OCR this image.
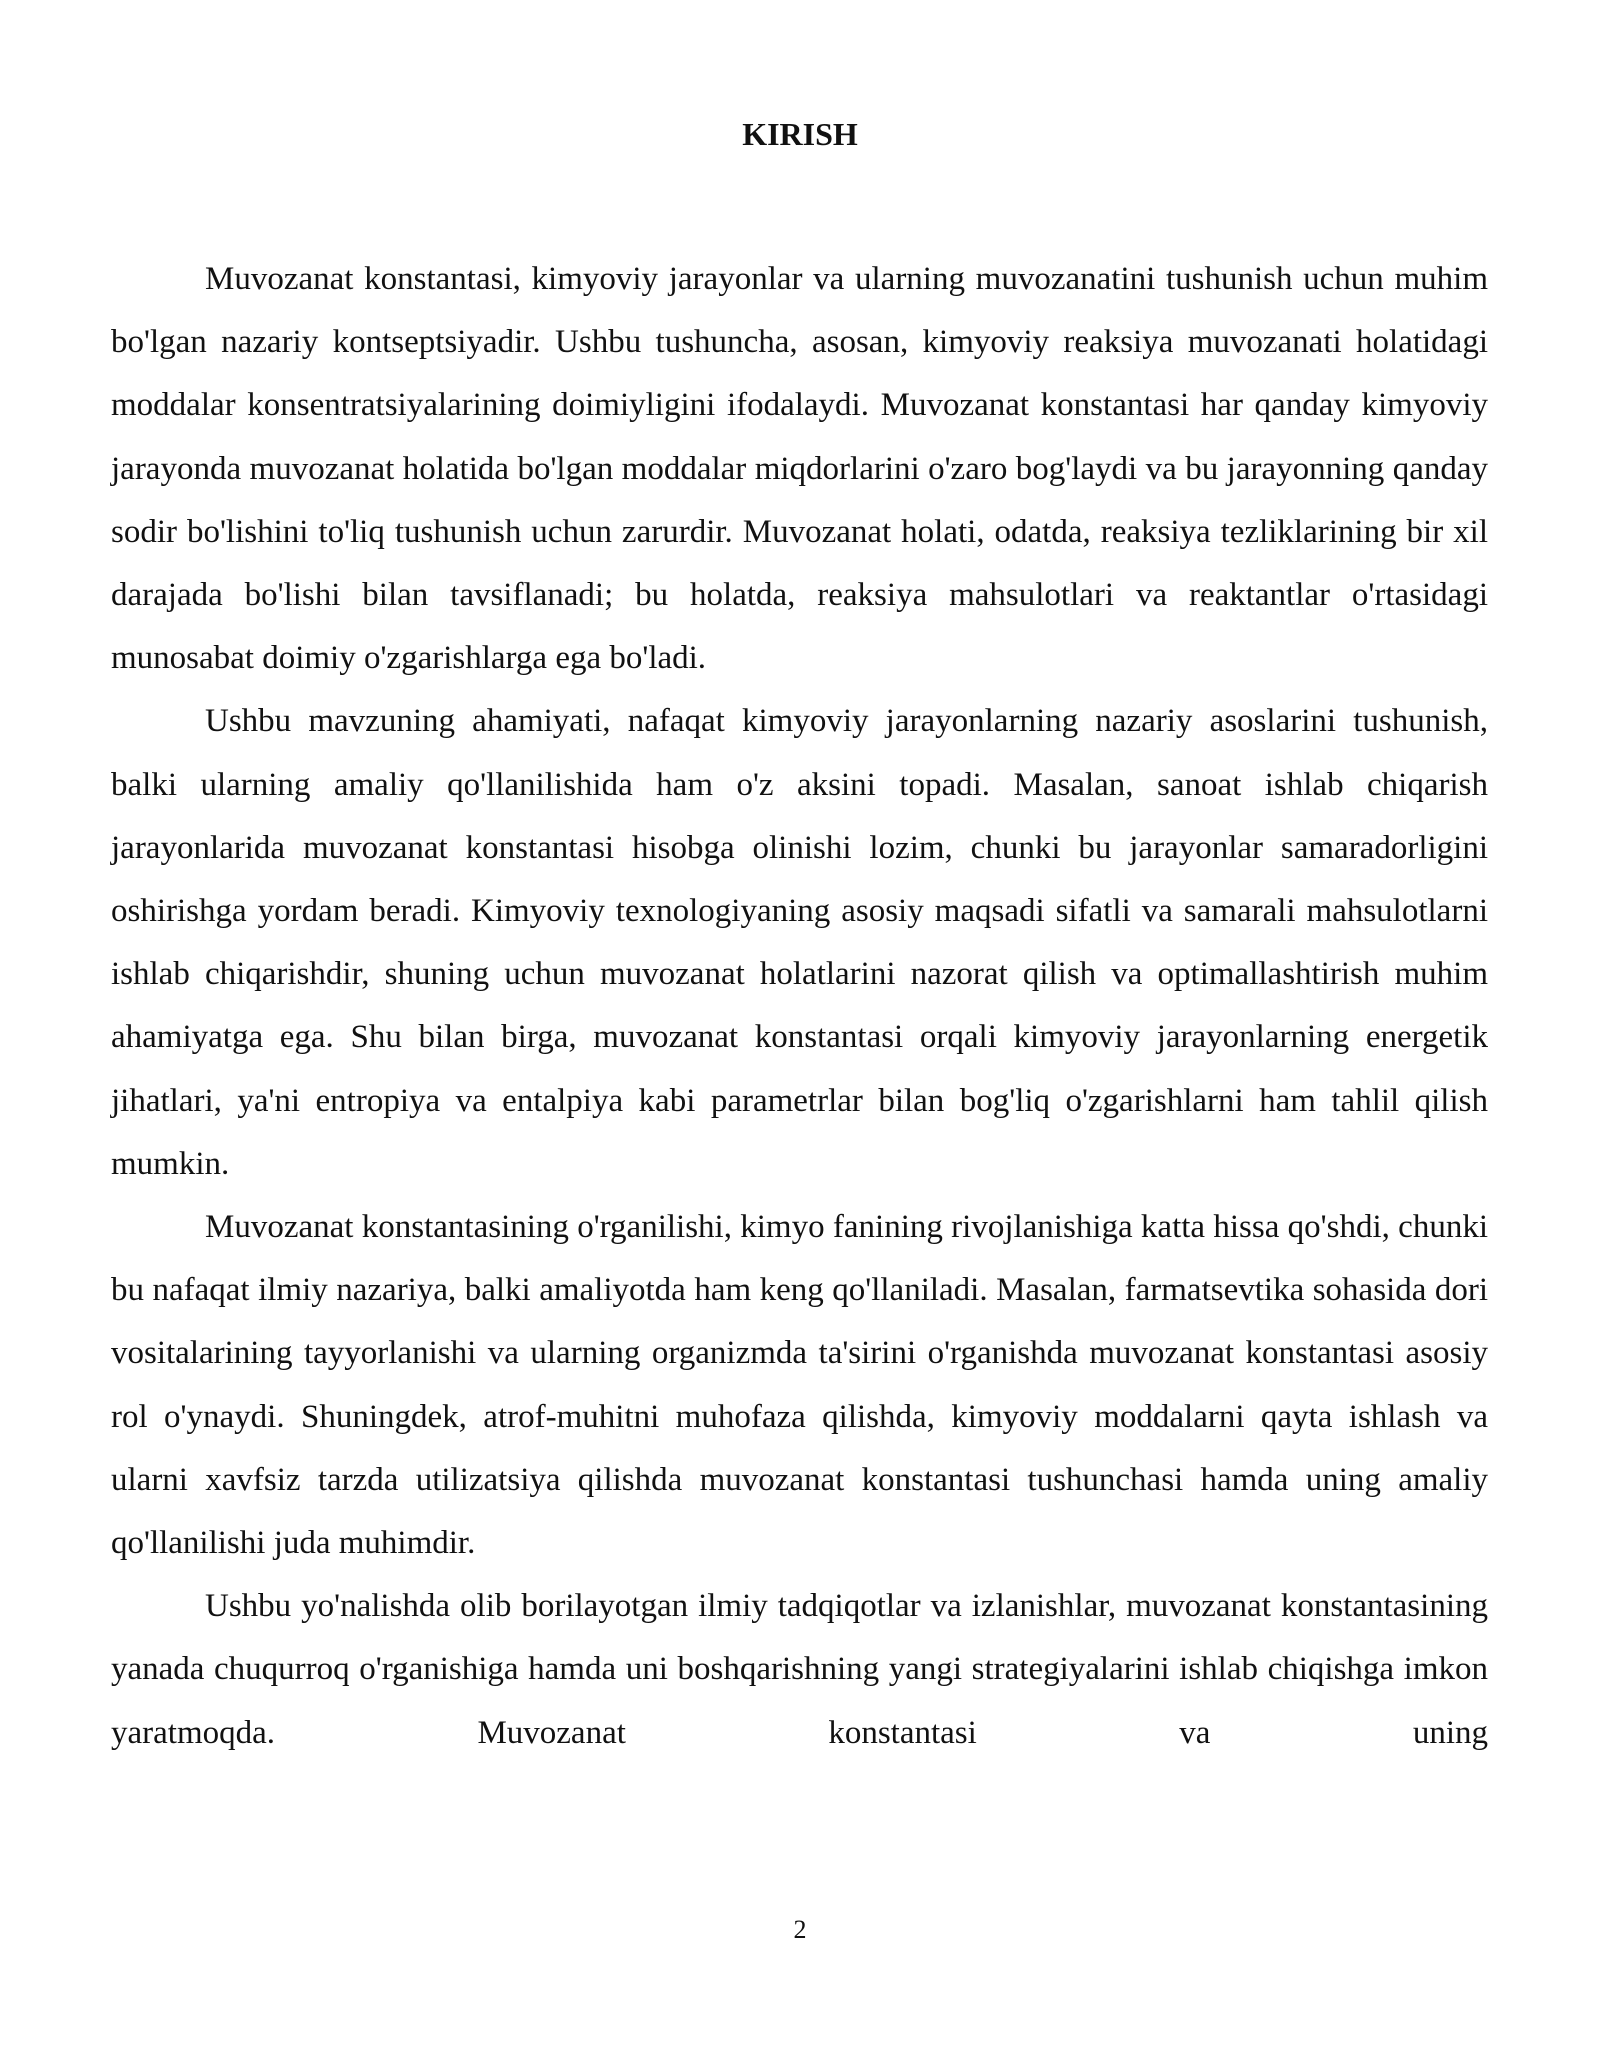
KIRISH

Muvozanat konstantasi, kimyoviy jarayonlar va ularning muvozanatini tushunish uchun muhim bo'lgan nazariy kontseptsiyadir. Ushbu tushuncha, asosan, kimyoviy reaksiya muvozanati holatidagi moddalar konsentratsiyalarining doimiyligini ifodalaydi. Muvozanat konstantasi har qanday kimyoviy jarayonda muvozanat holatida bo'lgan moddalar miqdorlarini o'zaro bog'laydi va bu jarayonning qanday sodir bo'lishini to'liq tushunish uchun zarurdir. Muvozanat holati, odatda, reaksiya tezliklarining bir xil darajada bo'lishi bilan tavsiflanadi; bu holatda, reaksiya mahsulotlari va reaktantlar o'rtasidagi munosabat doimiy o'zgarishlarga ega bo'ladi.

Ushbu mavzuning ahamiyati, nafaqat kimyoviy jarayonlarning nazariy asoslarini tushunish, balki ularning amaliy qo'llanilishida ham o'z aksini topadi. Masalan, sanoat ishlab chiqarish jarayonlarida muvozanat konstantasi hisobga olinishi lozim, chunki bu jarayonlar samaradorligini oshirishga yordam beradi. Kimyoviy texnologiyaning asosiy maqsadi sifatli va samarali mahsulotlarni ishlab chiqarishdir, shuning uchun muvozanat holatlarini nazorat qilish va optimallashtirish muhim ahamiyatga ega. Shu bilan birga, muvozanat konstantasi orqali kimyoviy jarayonlarning energetik jihatlari, ya'ni entropiya va entalpiya kabi parametrlar bilan bog'liq o'zgarishlarni ham tahlil qilish mumkin.

Muvozanat konstantasining o'rganilishi, kimyo fanining rivojlanishiga katta hissa qo'shdi, chunki bu nafaqat ilmiy nazariya, balki amaliyotda ham keng qo'llaniladi. Masalan, farmatsevtika sohasida dori vositalarining tayyorlanishi va ularning organizmda ta'sirini o'rganishda muvozanat konstantasi asosiy rol o'ynaydi. Shuningdek, atrof-muhitni muhofaza qilishda, kimyoviy moddalarni qayta ishlash va ularni xavfsiz tarzda utilizatsiya qilishda muvozanat konstantasi tushunchasi hamda uning amaliy qo'llanilishi juda muhimdir.

Ushbu yo'nalishda olib borilayotgan ilmiy tadqiqotlar va izlanishlar, muvozanat konstantasining yanada chuqurroq o'rganishiga hamda uni boshqarishning yangi strategiyalarini ishlab chiqishga imkon yaratmoqda. Muvozanat konstantasi va uning

2
